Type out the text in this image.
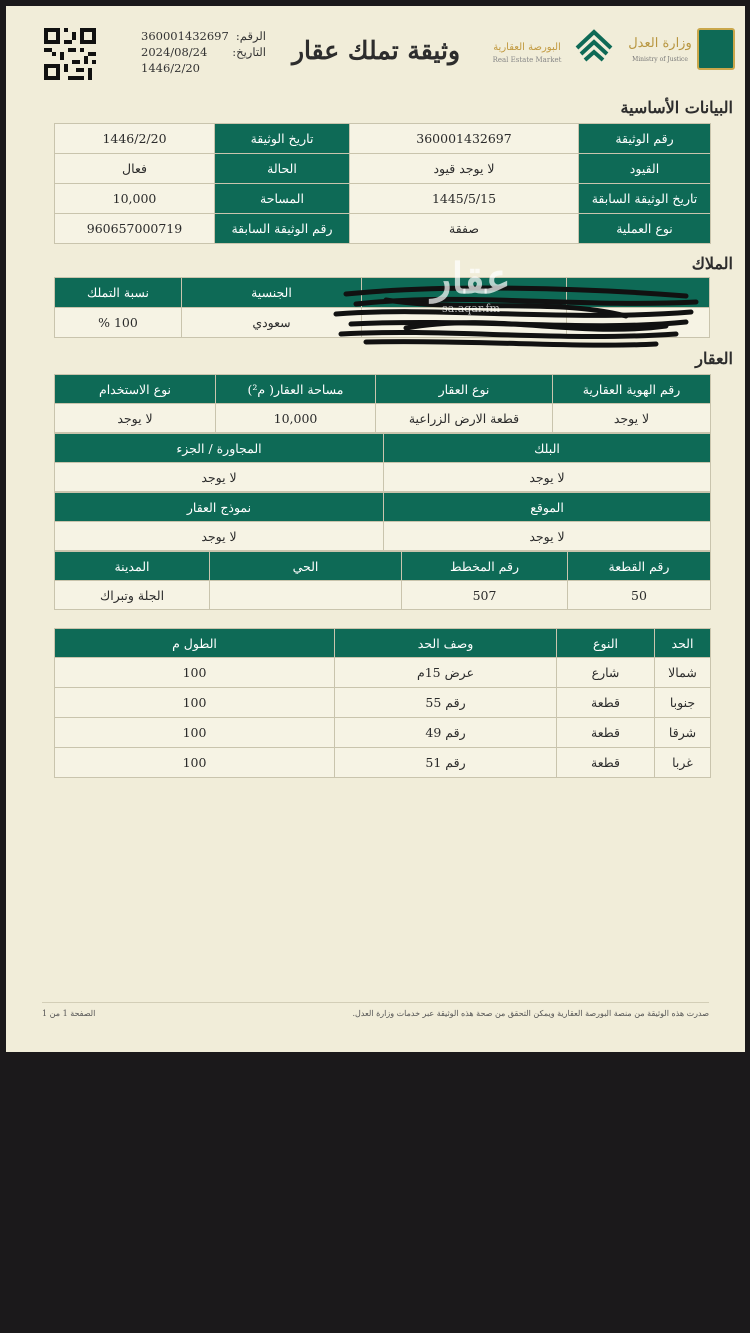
وزارة العدل
Ministry of Justice
البورصة العقارية
Real Estate Market
وثيقة تملك عقار
الرقم:
360001432697
التاريخ:
2024/08/24
1446/2/20
البيانات الأساسية
رقم الوثيقة	360001432697	تاريخ الوثيقة	1446/2/20
القيود	لا يوجد قيود	الحالة	فعال
تاريخ الوثيقة السابقة	1445/5/15	المساحة	10,000
نوع العملية	صفقة	رقم الوثيقة السابقة	960657000719
الملاك
		الجنسية	نسبة التملك
		سعودي	100 %
عقار
sa.aqar.fm
العقار
رقم الهوية العقارية	نوع العقار	مساحة العقار( م²)	نوع الاستخدام
لا يوجد	قطعة الارض الزراعية	10,000	لا يوجد
البلك	المجاورة / الجزء
لا يوجد	لا يوجد
الموقع	نموذج العقار
لا يوجد	لا يوجد
رقم القطعة	رقم المخطط	الحي	المدينة
50	507		الجلة وتبراك
الحد	النوع	وصف الحد	الطول م
شمالا	شارع	عرض 15م	100
جنوبا	قطعة	رقم 55	100
شرقا	قطعة	رقم 49	100
غربا	قطعة	رقم 51	100
صدرت هذه الوثيقة من منصة البورصة العقارية ويمكن التحقق من صحة هذه الوثيقة عبر خدمات وزارة العدل.
الصفحة 1 من 1
